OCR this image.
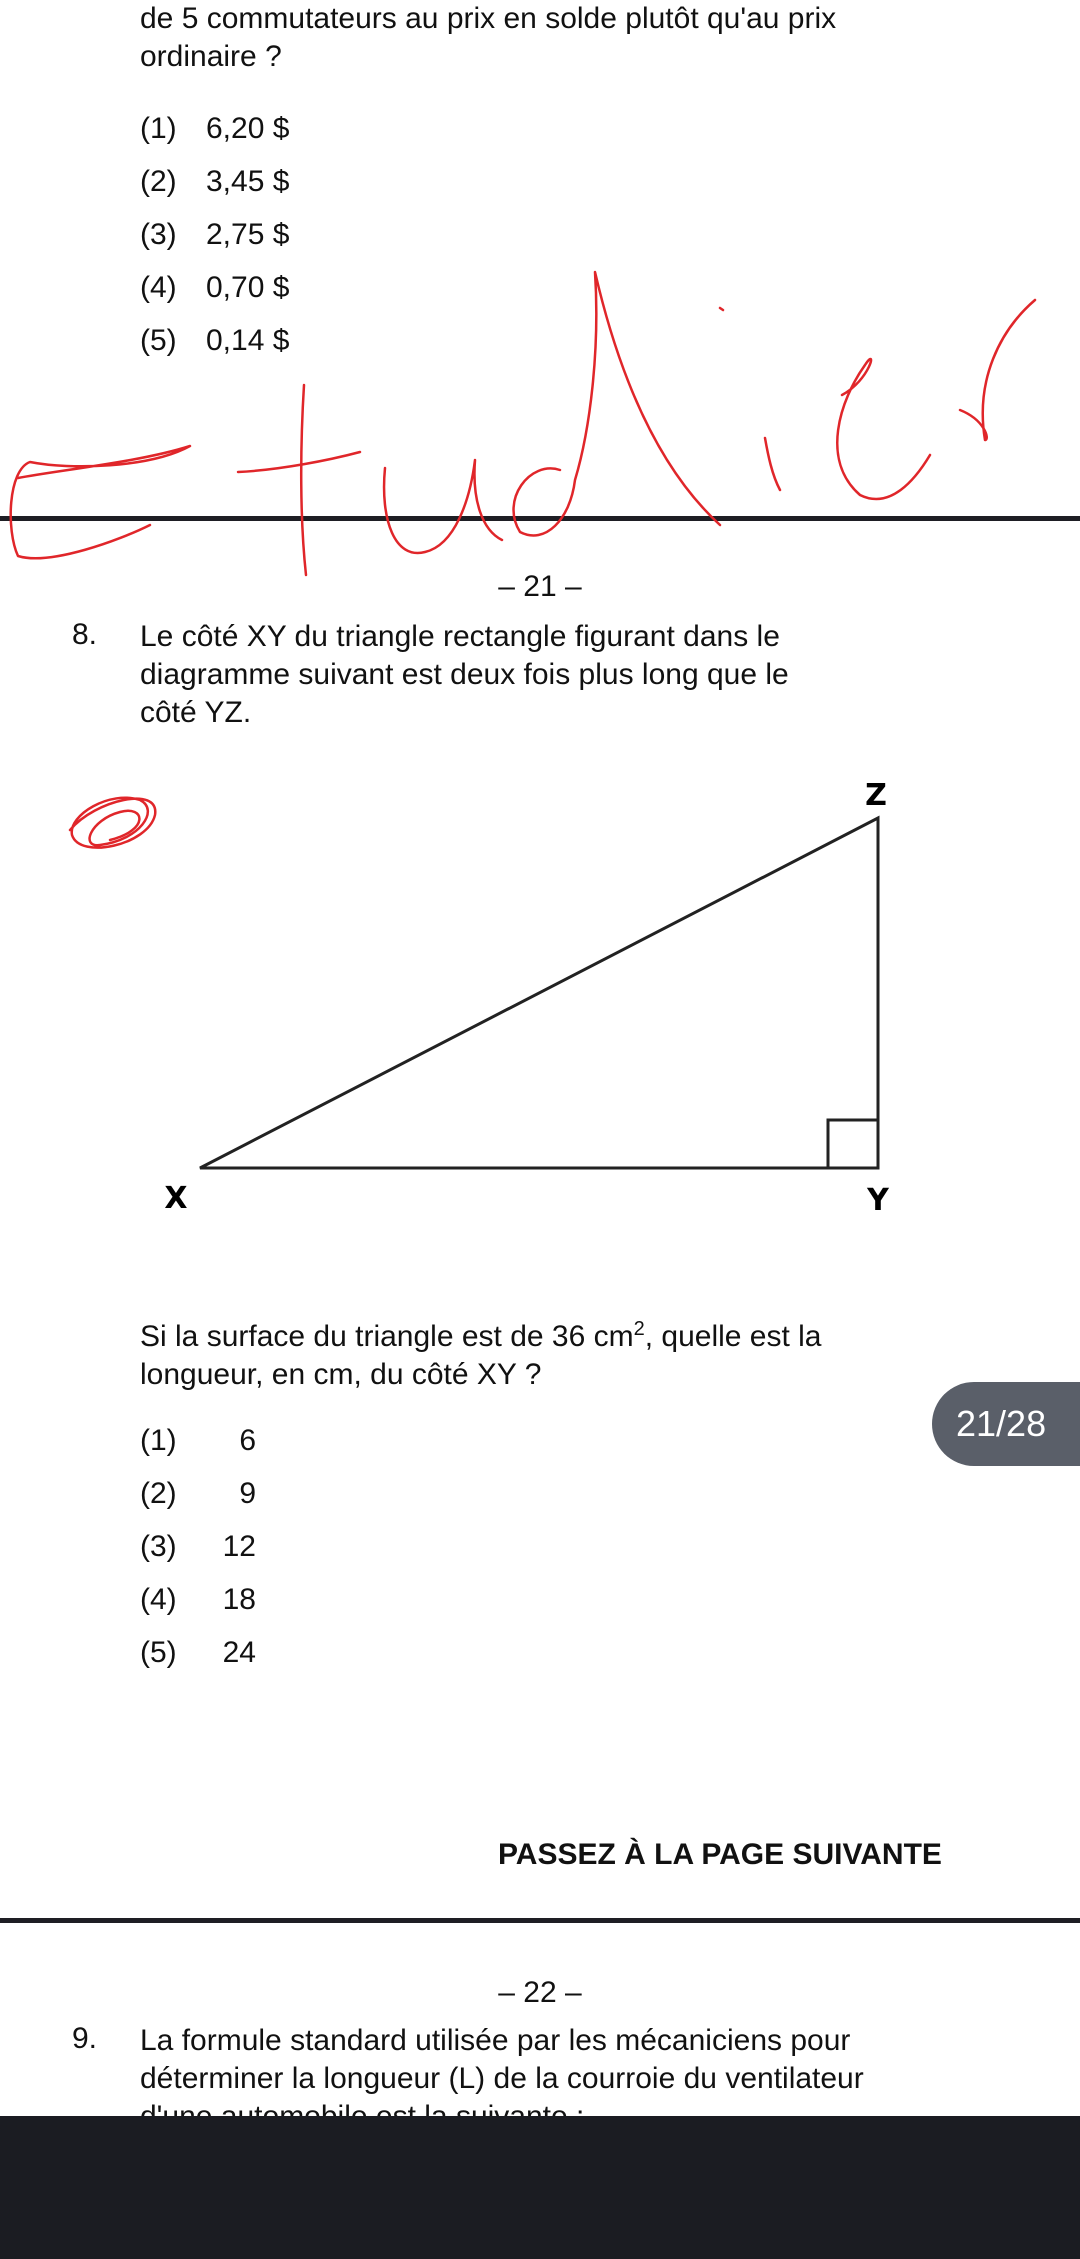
de 5 commutateurs au prix en solde plutôt qu'au prix
ordinaire ?
(1) 6,20 $
(2) 3,45 $
(3) 2,75 $
(4) 0,70 $
(5) 0,14 $
– 21 –
8. Le côté XY du triangle rectangle figurant dans le
diagramme suivant est deux fois plus long que le
côté YZ.
Z
X	Y
Si la surface du triangle est de 36 $cm^2$, quelle est la
longueur, en cm, du côté XY ?
(1) 6
(2) 9
(3) 12
(4) 18
(5) 24
21/28
PASSEZ À LA PAGE SUIVANTE
– 22 –
9. La formule standard utilisée par les mécaniciens pour
déterminer la longueur (L) de la courroie du ventilateur
